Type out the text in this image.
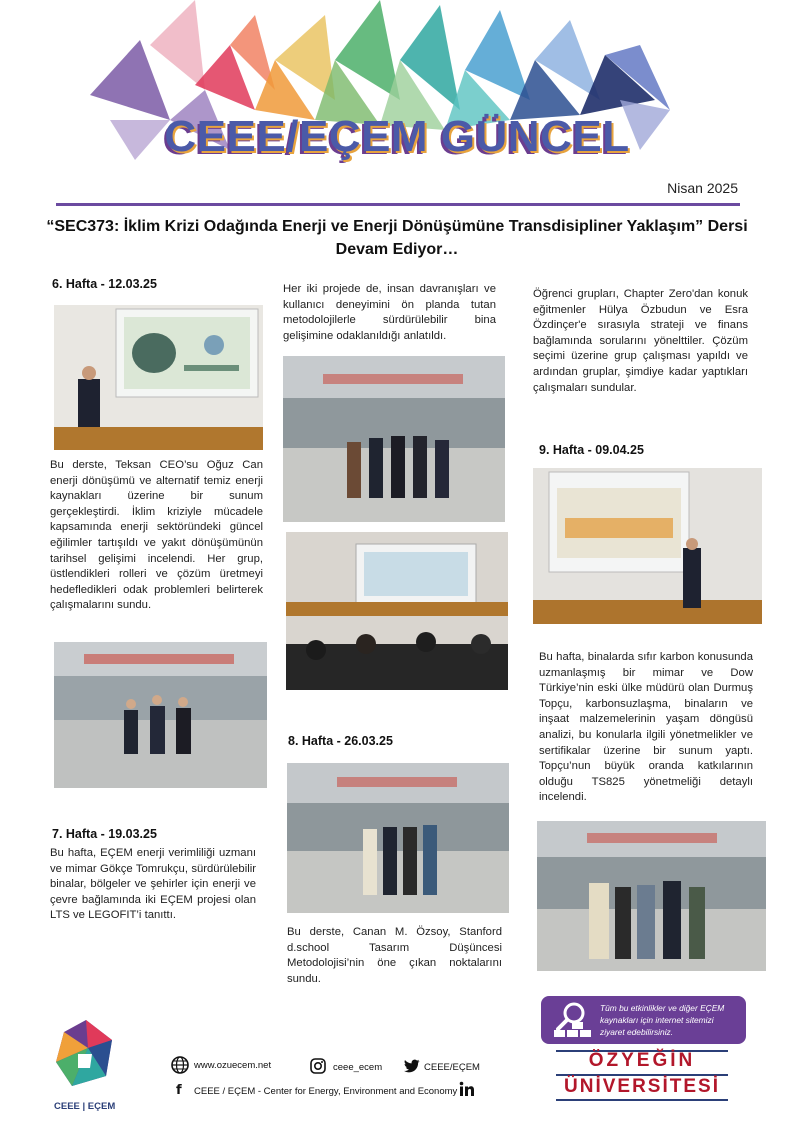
CEEE/EÇEM GÜNCEL
Nisan 2025
“SEC373: İklim Krizi Odağında Enerji ve Enerji Dönüşümüne Transdisipliner Yaklaşım” Dersi Devam Ediyor…
6. Hafta - 12.03.25
Bu derste, Teksan CEO’su Oğuz Can enerji dönüşümü ve alternatif temiz enerji kaynakları üzerine bir sunum gerçekleştirdi. İklim kriziyle mücadele kapsamında enerji sektöründeki güncel eğilimler tartışıldı ve yakıt dönüşümünün tarihsel gelişimi incelendi. Her grup, üstlendikleri rolleri ve çözüm üretmeyi hedefledikleri odak problemleri belirterek çalışmalarını sundu.
7. Hafta - 19.03.25
Bu hafta, EÇEM enerji verimliliği uzmanı ve mimar Gökçe Tomrukçu, sürdürülebilir binalar, bölgeler ve şehirler için enerji ve çevre bağlamında iki EÇEM projesi olan LTS ve LEGOFIT’i tanıttı.
Her iki projede de, insan davranışları ve kullanıcı deneyimini ön planda tutan metodolojilerle sürdürülebilir bina gelişimine odaklanıldığı anlatıldı.
8. Hafta - 26.03.25
Bu derste, Canan M. Özsoy, Stanford d.school Tasarım Düşüncesi Metodolojisi’nin öne çıkan noktalarını sundu.
Öğrenci grupları, Chapter Zero'dan konuk eğitmenler Hülya Özbudun ve Esra Özdinçer'e sırasıyla strateji ve finans bağlamında sorularını yönelttiler. Çözüm seçimi üzerine grup çalışması yapıldı ve ardından gruplar, şimdiye kadar yaptıkları çalışmaları sundular.
9. Hafta - 09.04.25
Bu hafta, binalarda sıfır karbon konusunda uzmanlaşmış bir mimar ve Dow Türkiye’nin eski ülke müdürü olan Durmuş Topçu, karbonsuzlaşma, binaların ve inşaat malzemelerinin yaşam döngüsü analizi, bu konularla ilgili yönetmelikler ve sertifikalar üzerine bir sunum yaptı. Topçu’nun büyük oranda katkılarının olduğu TS825 yönetmeliği detaylı incelendi.
CEEE | EÇEM
www.ozuecem.net	ceee_ecem	CEEE/EÇEM
f CEEE / EÇEM - Center for Energy, Environment and Economy
Tüm bu etkinlikler ve diğer EÇEM kaynakları için internet sitemizi ziyaret edebilirsiniz.
ÖZYEĞİN
ÜNİVERSİTESİ
